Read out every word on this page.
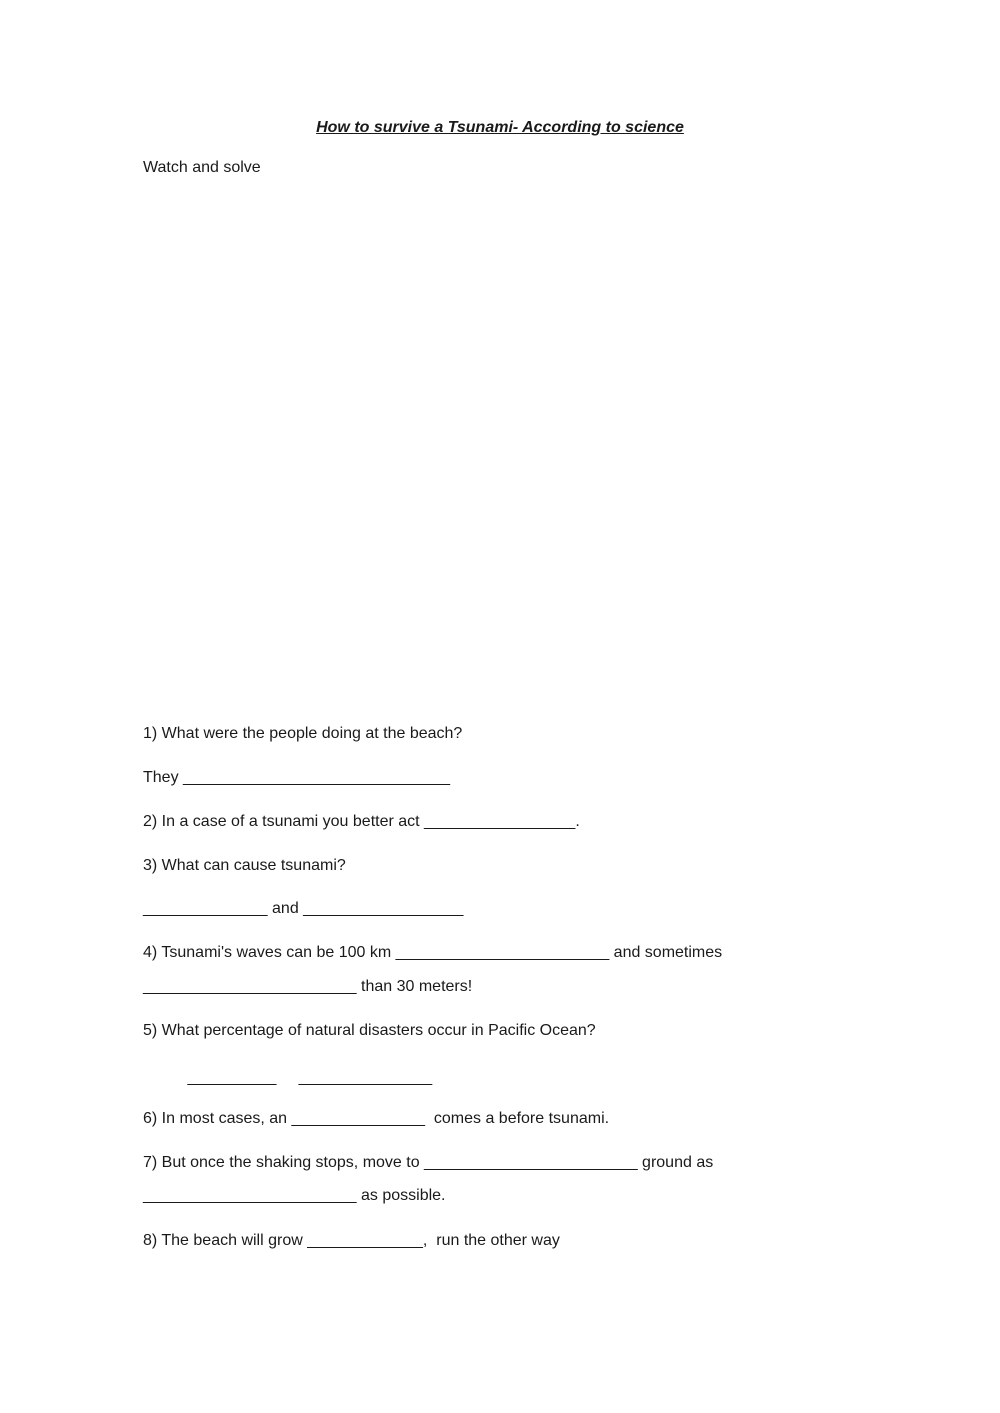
How to survive a Tsunami- According to science
Watch and solve
1) What were the people doing at the beach?
They ______________________________
2) In a case of a tsunami you better act _________________.
3) What can cause tsunami?
______________ and __________________
4) Tsunami's waves can be 100 km ________________________ and sometimes
________________________ than 30 meters!
5) What percentage of natural disasters occur in Pacific Ocean?
__________     _______________
6) In most cases, an _______________  comes a before tsunami.
7) But once the shaking stops, move to ________________________ ground as
________________________ as possible.
8) The beach will grow _____________,  run the other way
